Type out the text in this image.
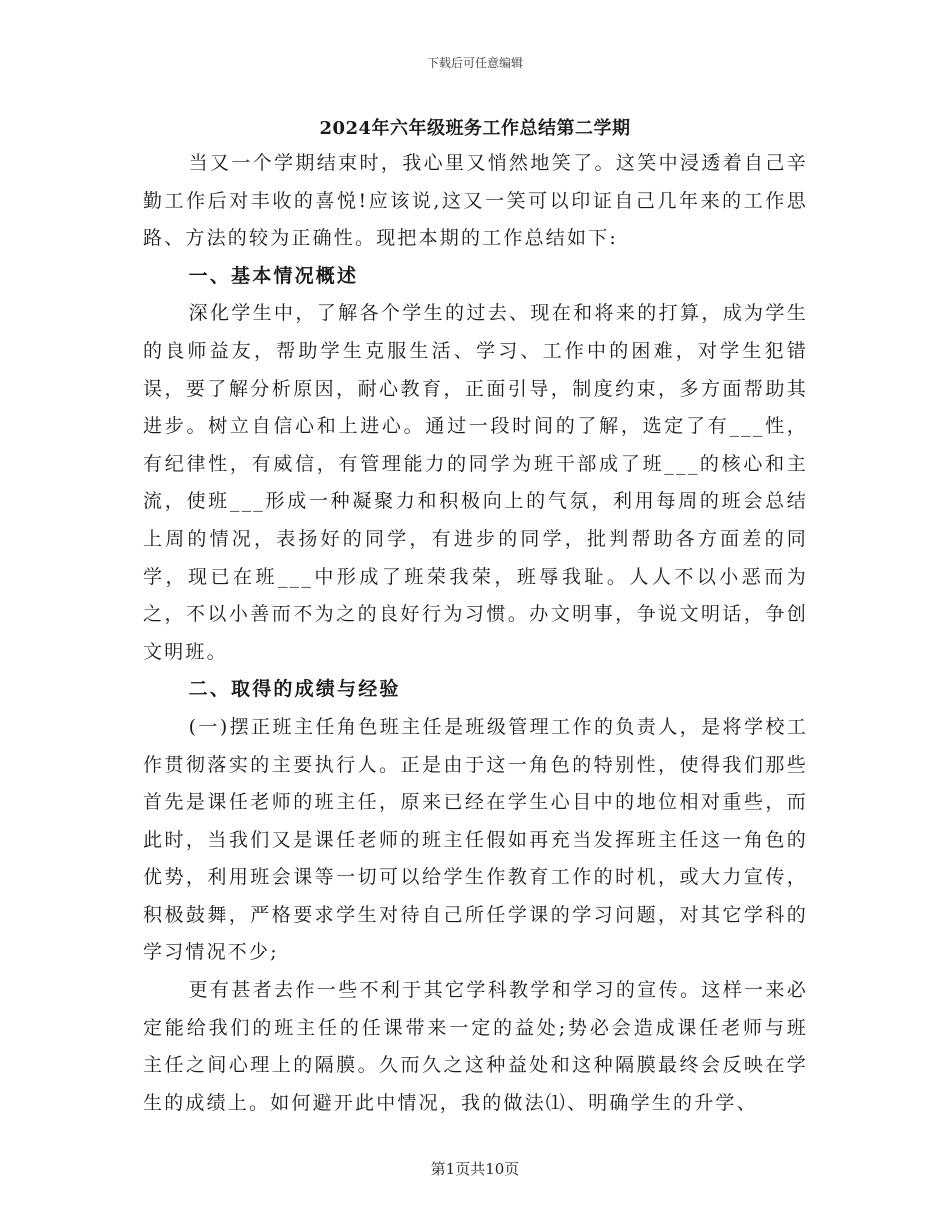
下载后可任意编辑
2024年六年级班务工作总结第二学期

当又一个学期结束时，我心里又悄然地笑了。这笑中浸透着自己辛勤工作后对丰收的喜悦!应该说,这又一笑可以印证自己几年来的工作思路、方法的较为正确性。现把本期的工作总结如下:

一、基本情况概述

深化学生中，了解各个学生的过去、现在和将来的打算，成为学生的良师益友，帮助学生克服生活、学习、工作中的困难，对学生犯错误，要了解分析原因，耐心教育，正面引导，制度约束，多方面帮助其进步。树立自信心和上进心。通过一段时间的了解，选定了有___性，有纪律性，有威信，有管理能力的同学为班干部成了班___的核心和主流，使班___形成一种凝聚力和积极向上的气氛，利用每周的班会总结上周的情况，表扬好的同学，有进步的同学，批判帮助各方面差的同学，现已在班___中形成了班荣我荣，班辱我耻。人人不以小恶而为之，不以小善而不为之的良好行为习惯。办文明事，争说文明话，争创文明班。

二、取得的成绩与经验

(一)摆正班主任角色班主任是班级管理工作的负责人，是将学校工作贯彻落实的主要执行人。正是由于这一角色的特别性，使得我们那些首先是课任老师的班主任，原来已经在学生心目中的地位相对重些，而此时，当我们又是课任老师的班主任假如再充当发挥班主任这一角色的优势，利用班会课等一切可以给学生作教育工作的时机，或大力宣传，积极鼓舞，严格要求学生对待自己所任学课的学习问题，对其它学科的学习情况不少;

更有甚者去作一些不利于其它学科教学和学习的宣传。这样一来必定能给我们的班主任的任课带来一定的益处;势必会造成课任老师与班主任之间心理上的隔膜。久而久之这种益处和这种隔膜最终会反映在学生的成绩上。如何避开此中情况，我的做法⑴、明确学生的升学、

第1页共10页
